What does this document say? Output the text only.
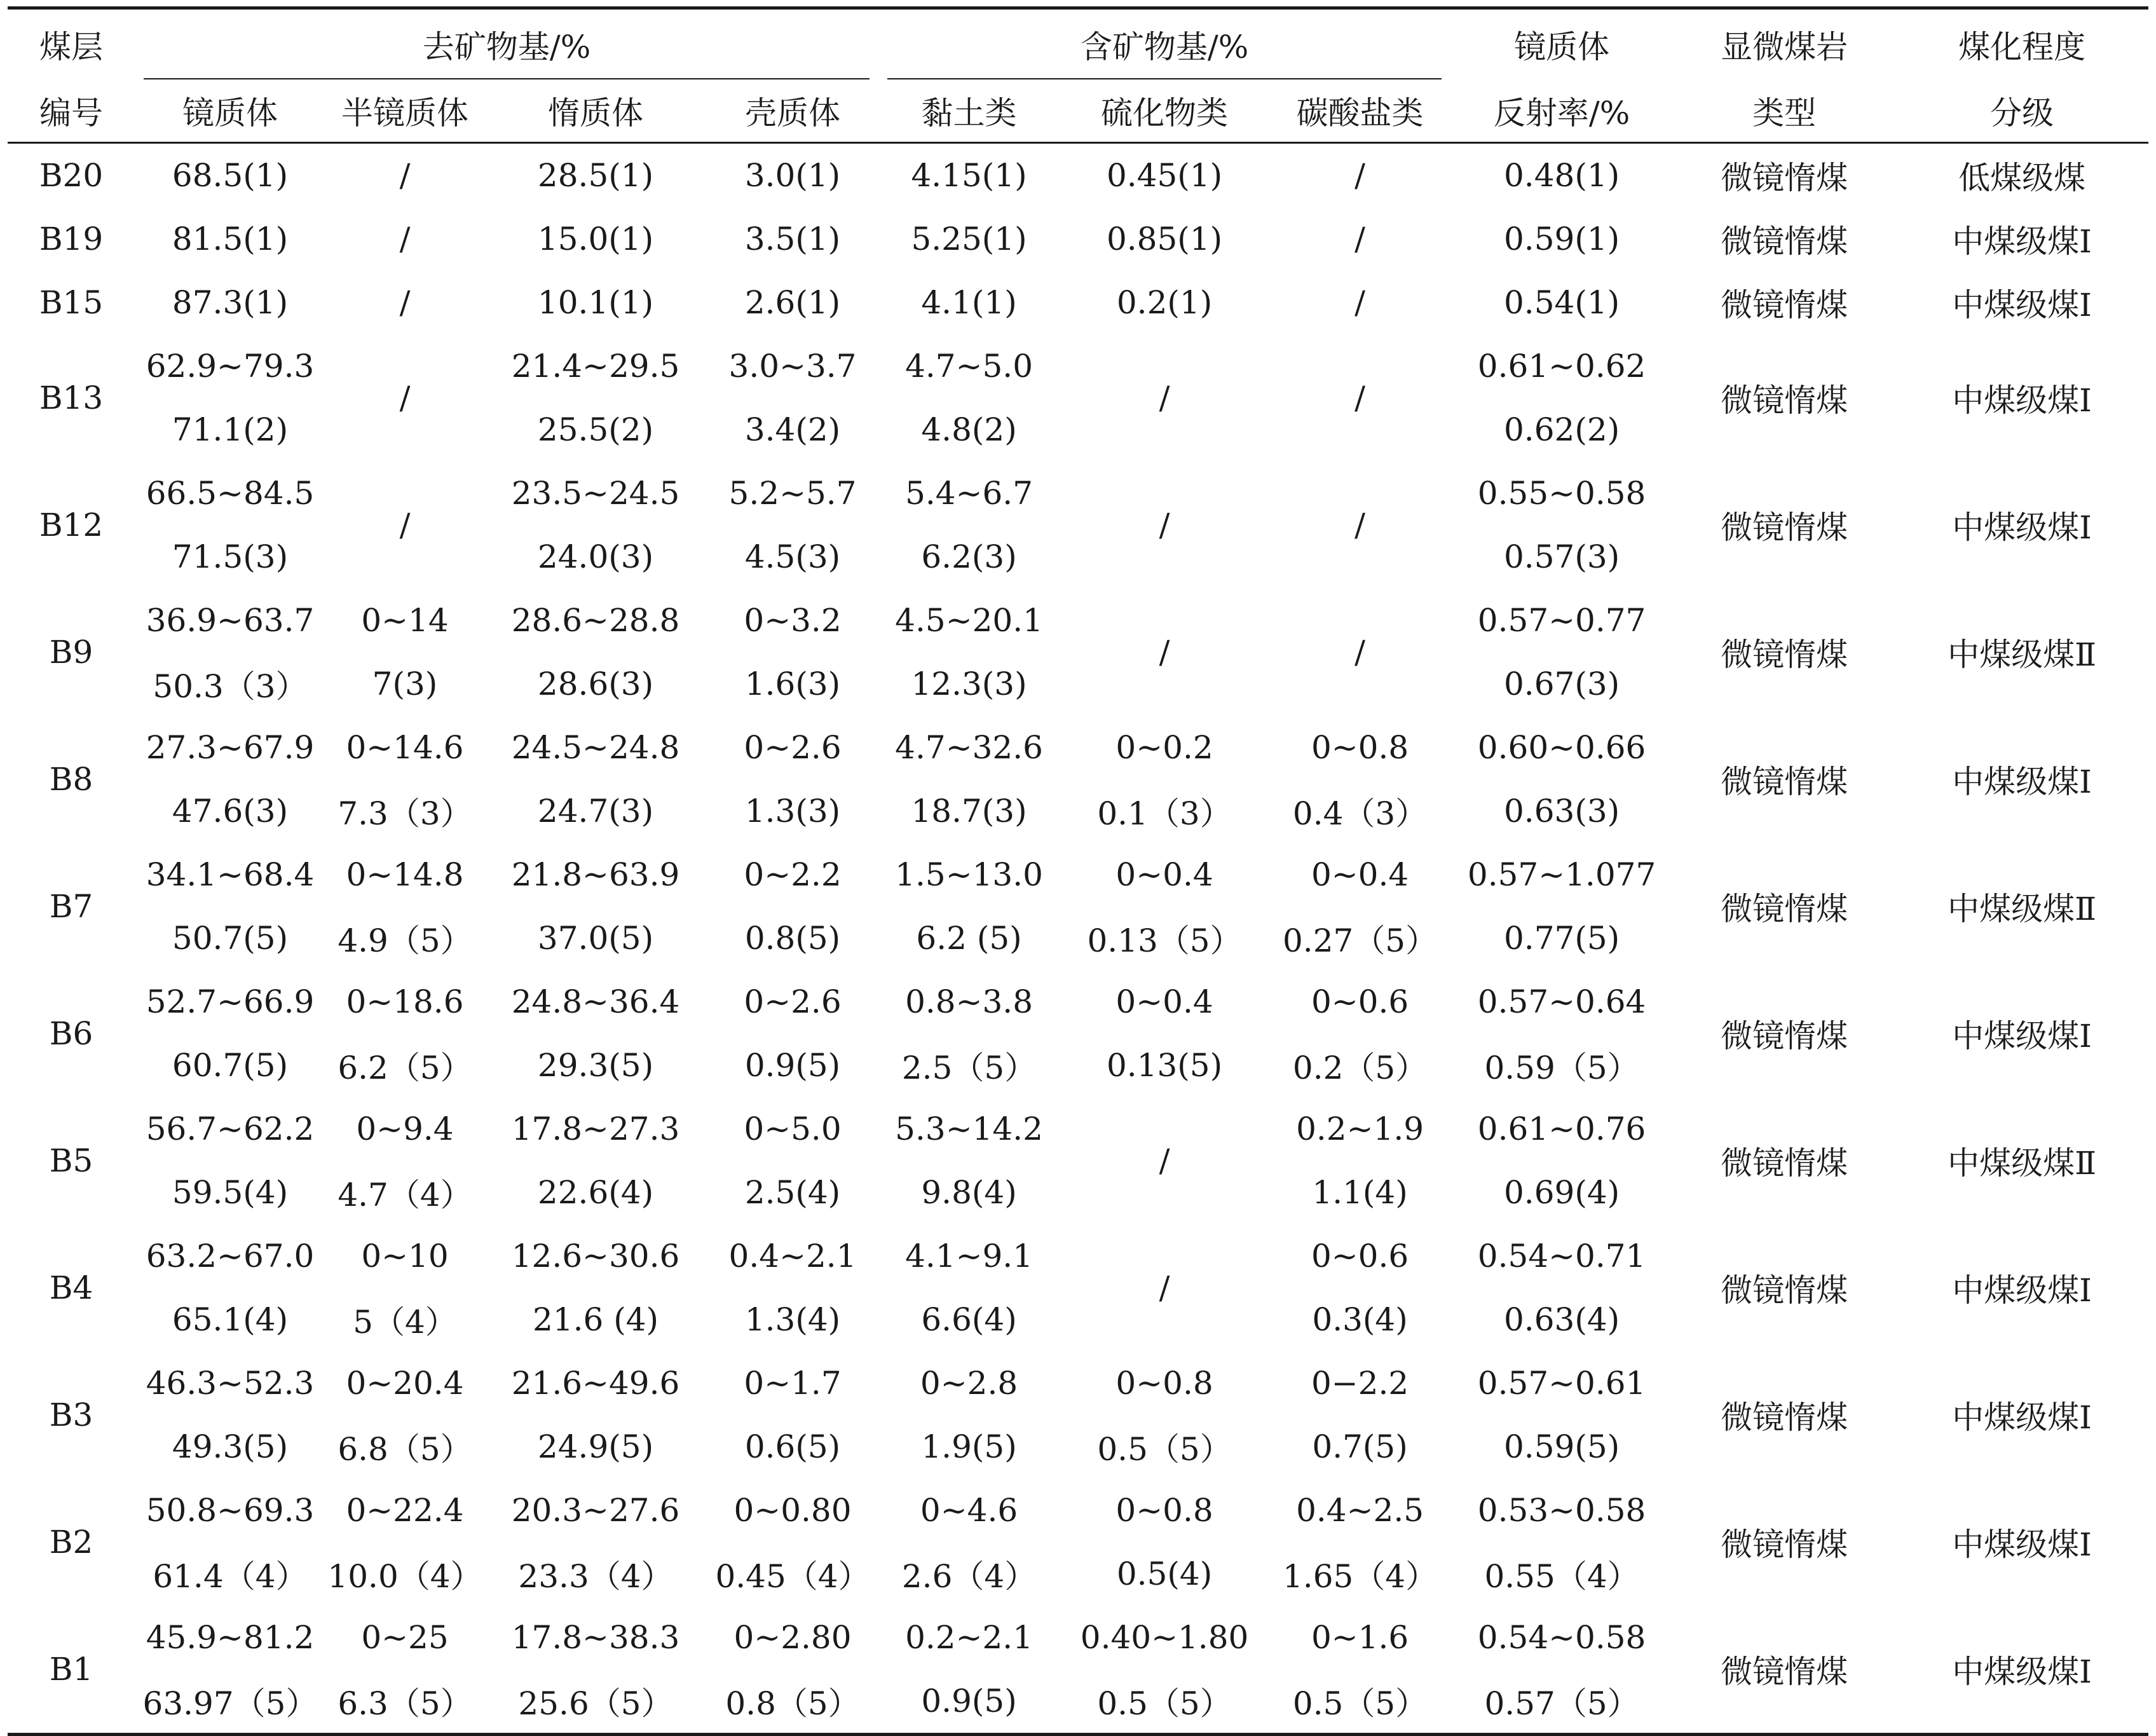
煤层	去矿物基/%				含矿物基/%			镜质体	显微煤岩	煤化程度
编号	镜质体	半镜质体	惰质体	壳质体	黏土类	硫化物类	碳酸盐类	反射率/%	类型	分级
B20	68.5(1)	/	28.5(1)	3.0(1)	4.15(1)	0.45(1)	/	0.48(1)	微镜惰煤	低煤级煤
B19	81.5(1)	/	15.0(1)	3.5(1)	5.25(1)	0.85(1)	/	0.59(1)	微镜惰煤	中煤级煤Ⅰ
B15	87.3(1)	/	10.1(1)	2.6(1)	4.1(1)	0.2(1)	/	0.54(1)	微镜惰煤	中煤级煤Ⅰ
B13	62.9~79.3	/	21.4~29.5	3.0~3.7	4.7~5.0	/	/	0.61~0.62	微镜惰煤	中煤级煤Ⅰ
	71.1(2)		25.5(2)	3.4(2)	4.8(2)			0.62(2)		
B12	66.5~84.5	/	23.5~24.5	5.2~5.7	5.4~6.7	/	/	0.55~0.58	微镜惰煤	中煤级煤Ⅰ
	71.5(3)		24.0(3)	4.5(3)	6.2(3)			0.57(3)		
B9	36.9~63.7	0~14	28.6~28.8	0~3.2	4.5~20.1	/	/	0.57~0.77	微镜惰煤	中煤级煤Ⅱ
	50.3（3）	7(3)	28.6(3)	1.6(3)	12.3(3)			0.67(3)		
B8	27.3~67.9	0~14.6	24.5~24.8	0~2.6	4.7~32.6	0~0.2	0~0.8	0.60~0.66	微镜惰煤	中煤级煤Ⅰ
	47.6(3)	7.3（3）	24.7(3)	1.3(3)	18.7(3)	0.1（3）	0.4（3）	0.63(3)		
B7	34.1~68.4	0~14.8	21.8~63.9	0~2.2	1.5~13.0	0~0.4	0~0.4	0.57~1.077	微镜惰煤	中煤级煤Ⅱ
	50.7(5)	4.9（5）	37.0(5)	0.8(5)	6.2 (5)	0.13（5）	0.27（5）	0.77(5)		
B6	52.7~66.9	0~18.6	24.8~36.4	0~2.6	0.8~3.8	0~0.4	0~0.6	0.57~0.64	微镜惰煤	中煤级煤Ⅰ
	60.7(5)	6.2（5）	29.3(5)	0.9(5)	2.5（5）	0.13(5)	0.2（5）	0.59（5）		
B5	56.7~62.2	0~9.4	17.8~27.3	0~5.0	5.3~14.2	/	0.2~1.9	0.61~0.76	微镜惰煤	中煤级煤Ⅱ
	59.5(4)	4.7（4）	22.6(4)	2.5(4)	9.8(4)		1.1(4)	0.69(4)		
B4	63.2~67.0	0~10	12.6~30.6	0.4~2.1	4.1~9.1	/	0~0.6	0.54~0.71	微镜惰煤	中煤级煤Ⅰ
	65.1(4)	5（4）	21.6 (4)	1.3(4)	6.6(4)		0.3(4)	0.63(4)		
B3	46.3~52.3	0~20.4	21.6~49.6	0~1.7	0~2.8	0~0.8	0−2.2	0.57~0.61	微镜惰煤	中煤级煤Ⅰ
	49.3(5)	6.8（5）	24.9(5)	0.6(5)	1.9(5)	0.5（5）	0.7(5)	0.59(5)		
B2	50.8~69.3	0~22.4	20.3~27.6	0~0.80	0~4.6	0~0.8	0.4~2.5	0.53~0.58	微镜惰煤	中煤级煤Ⅰ
	61.4（4）	10.0（4）	23.3（4）	0.45（4）	2.6（4）	0.5(4)	1.65（4）	0.55（4）		
B1	45.9~81.2	0~25	17.8~38.3	0~2.80	0.2~2.1	0.40~1.80	0~1.6	0.54~0.58	微镜惰煤	中煤级煤Ⅰ
	63.97（5）	6.3（5）	25.6（5）	0.8（5）	0.9(5)	0.5（5）	0.5（5）	0.57（5）		
